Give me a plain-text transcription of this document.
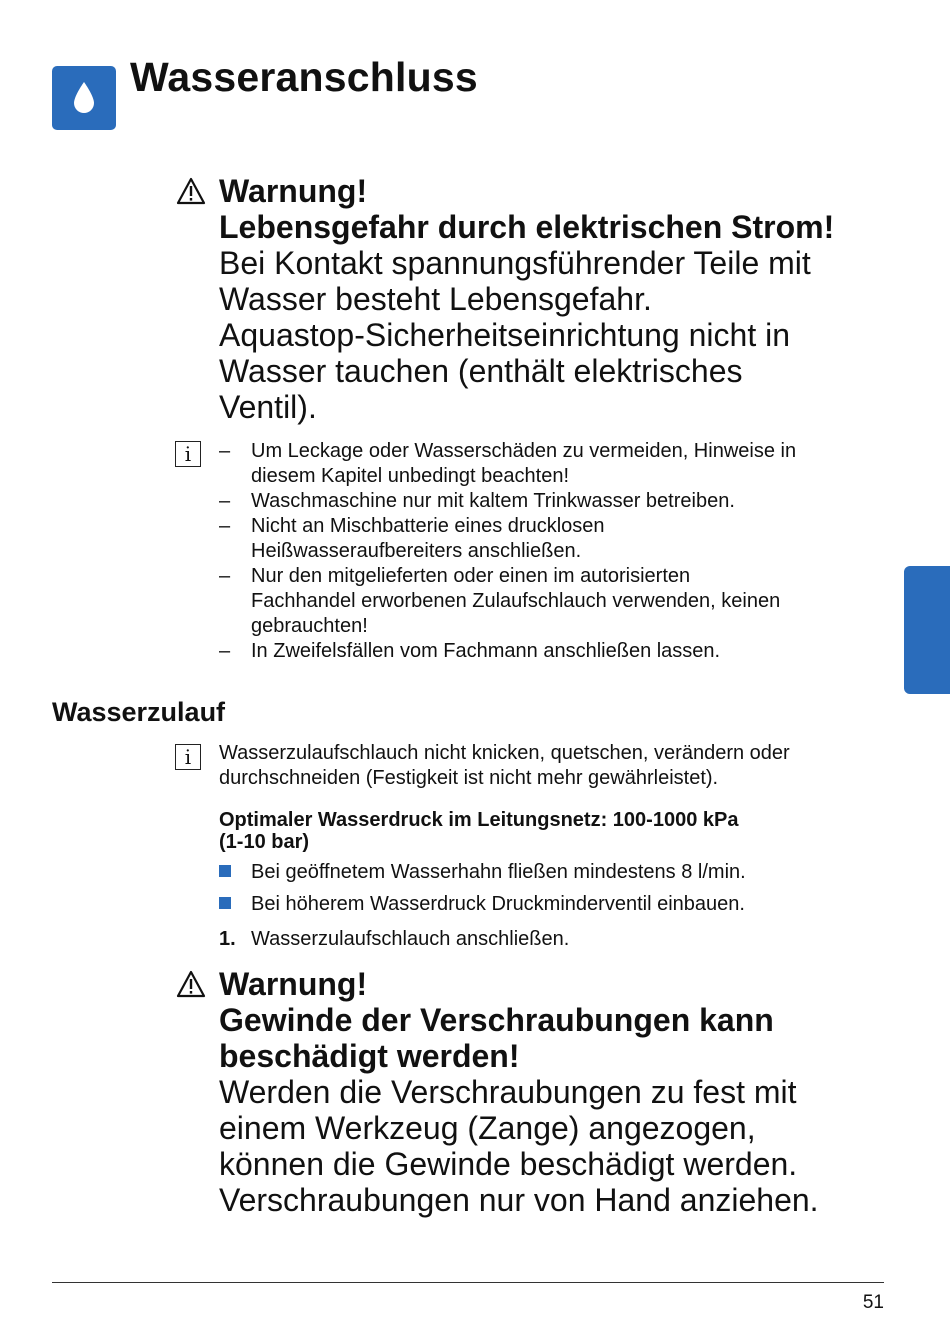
Wasseranschluss
Warnung!
Lebensgefahr durch elektrischen Strom!
Bei Kontakt spannungsführender Teile mit
Wasser besteht Lebensgefahr.
Aquastop-Sicherheitseinrichtung nicht in
Wasser tauchen (enthält elektrisches
Ventil).
i	– Um Leckage oder Wasserschäden zu vermeiden, Hinweise in
diesem Kapitel unbedingt beachten!
– Waschmaschine nur mit kaltem Trinkwasser betreiben.
– Nicht an Mischbatterie eines drucklosen
Heißwasseraufbereiters anschließen.
– Nur den mitgelieferten oder einen im autorisierten
Fachhandel erworbenen Zulaufschlauch verwenden, keinen
gebrauchten!
– In Zweifelsfällen vom Fachmann anschließen lassen.
Wasserzulauf
i	Wasserzulaufschlauch nicht knicken, quetschen, verändern oder
durchschneiden (Festigkeit ist nicht mehr gewährleistet).
Optimaler Wasserdruck im Leitungsnetz: 100-1000 kPa
(1-10 bar)
Bei geöffnetem Wasserhahn fließen mindestens 8 l/min.
Bei höherem Wasserdruck Druckminderventil einbauen.
1. Wasserzulaufschlauch anschließen.
Warnung!
Gewinde der Verschraubungen kann
beschädigt werden!
Werden die Verschraubungen zu fest mit
einem Werkzeug (Zange) angezogen,
können die Gewinde beschädigt werden.
Verschraubungen nur von Hand anziehen.
51
